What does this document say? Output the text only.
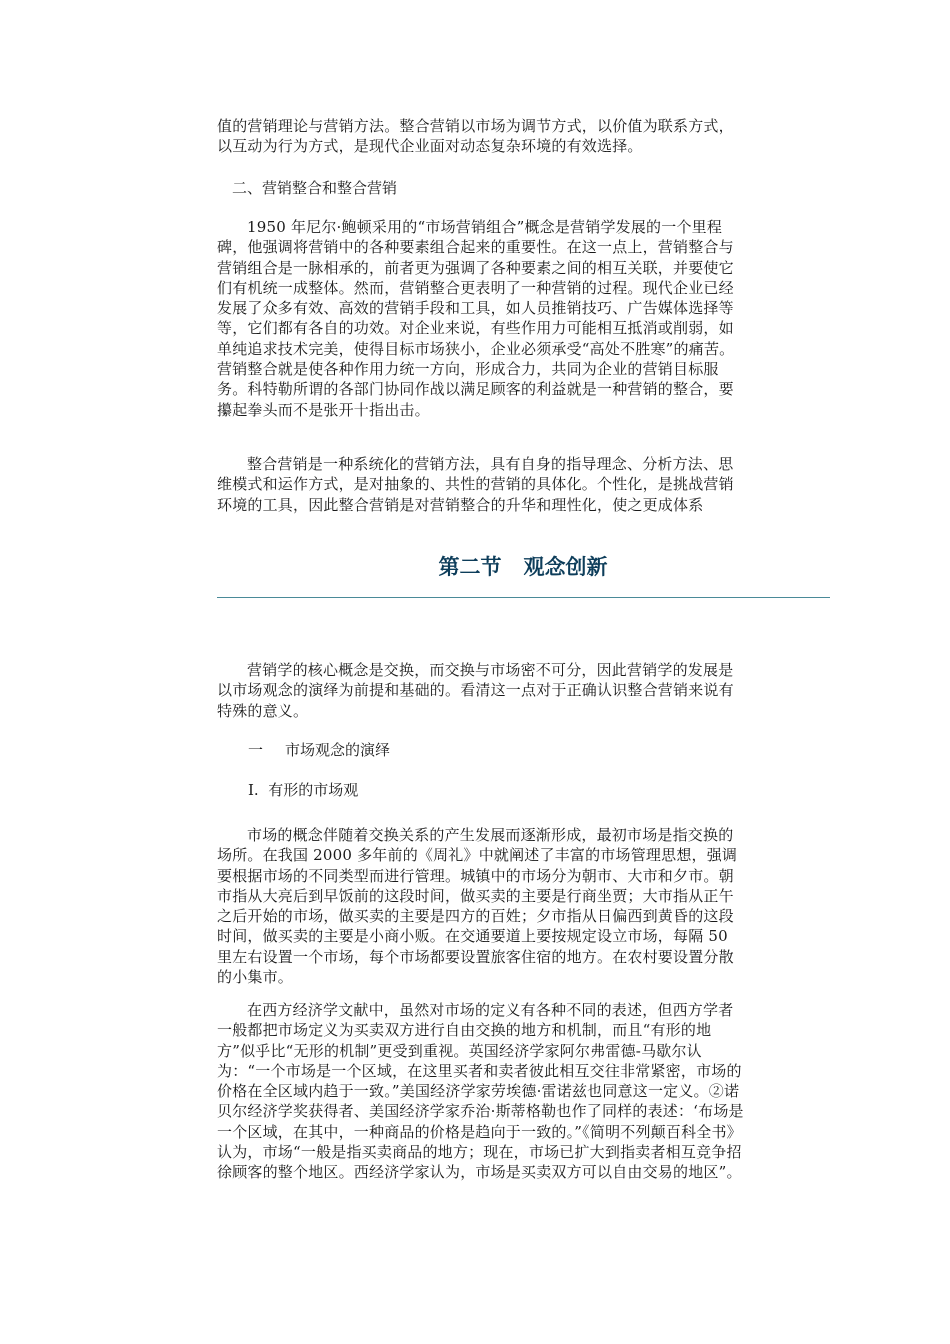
值的营销理论与营销方法。整合营销以市场为调节方式，以价值为联系方式，以互动为行为方式，是现代企业面对动态复杂环境的有效选择。

二、营销整合和整合营销

1950 年尼尔·鲍顿采用的“市场营销组合”概念是营销学发展的一个里程碑，他强调将营销中的各种要素组合起来的重要性。在这一点上，营销整合与营销组合是一脉相承的，前者更为强调了各种要素之间的相互关联，并要使它们有机统一成整体。然而，营销整合更表明了一种营销的过程。现代企业已经发展了众多有效、高效的营销手段和工具，如人员推销技巧、广告媒体选择等等，它们都有各自的功效。对企业来说，有些作用力可能相互抵消或削弱，如单纯追求技术完美，使得目标市场狭小，企业必须承受“高处不胜寒”的痛苦。营销整合就是使各种作用力统一方向，形成合力，共同为企业的营销目标服务。科特勒所谓的各部门协同作战以满足顾客的利益就是一种营销的整合，要攥起拳头而不是张开十指出击。

整合营销是一种系统化的营销方法，具有自身的指导理念、分析方法、思维模式和运作方式，是对抽象的、共性的营销的具体化。个性化，是挑战营销环境的工具，因此整合营销是对营销整合的升华和理性化，使之更成体系

第二节 观念创新

营销学的核心概念是交换，而交换与市场密不可分，因此营销学的发展是以市场观念的演绎为前提和基础的。看清这一点对于正确认识整合营销来说有特殊的意义。

一 市场观念的演绎

I.  有形的市场观

市场的概念伴随着交换关系的产生发展而逐渐形成，最初市场是指交换的场所。在我国 2000 多年前的《周礼》中就阐述了丰富的市场管理思想，强调要根据市场的不同类型而进行管理。城镇中的市场分为朝市、大市和夕市。朝市指从大亮后到早饭前的这段时间，做买卖的主要是行商坐贾；大市指从正午之后开始的市场，做买卖的主要是四方的百姓；夕市指从日偏西到黄昏的这段时间，做买卖的主要是小商小贩。在交通要道上要按规定设立市场，每隔 50 里左右设置一个市场，每个市场都要设置旅客住宿的地方。在农村要设置分散的小集市。

在西方经济学文献中，虽然对市场的定义有各种不同的表述，但西方学者一般都把市场定义为买卖双方进行自由交换的地方和机制，而且“有形的地方”似乎比“无形的机制”更受到重视。英国经济学家阿尔弗雷德-马歇尔认为：“一个市场是一个区域，在这里买者和卖者彼此相互交往非常紧密，市场的价格在全区域内趋于一致。”美国经济学家劳埃德·雷诺兹也同意这一定义。②诺贝尔经济学奖获得者、美国经济学家乔治·斯蒂格勒也作了同样的表述：‘布场是一个区域，在其中，一种商品的价格是趋向于一致的。”《简明不列颠百科全书》认为，市场“一般是指买卖商品的地方；现在，市场已扩大到指卖者相互竞争招徐顾客的整个地区。西经济学家认为，市场是买卖双方可以自由交易的地区”。
